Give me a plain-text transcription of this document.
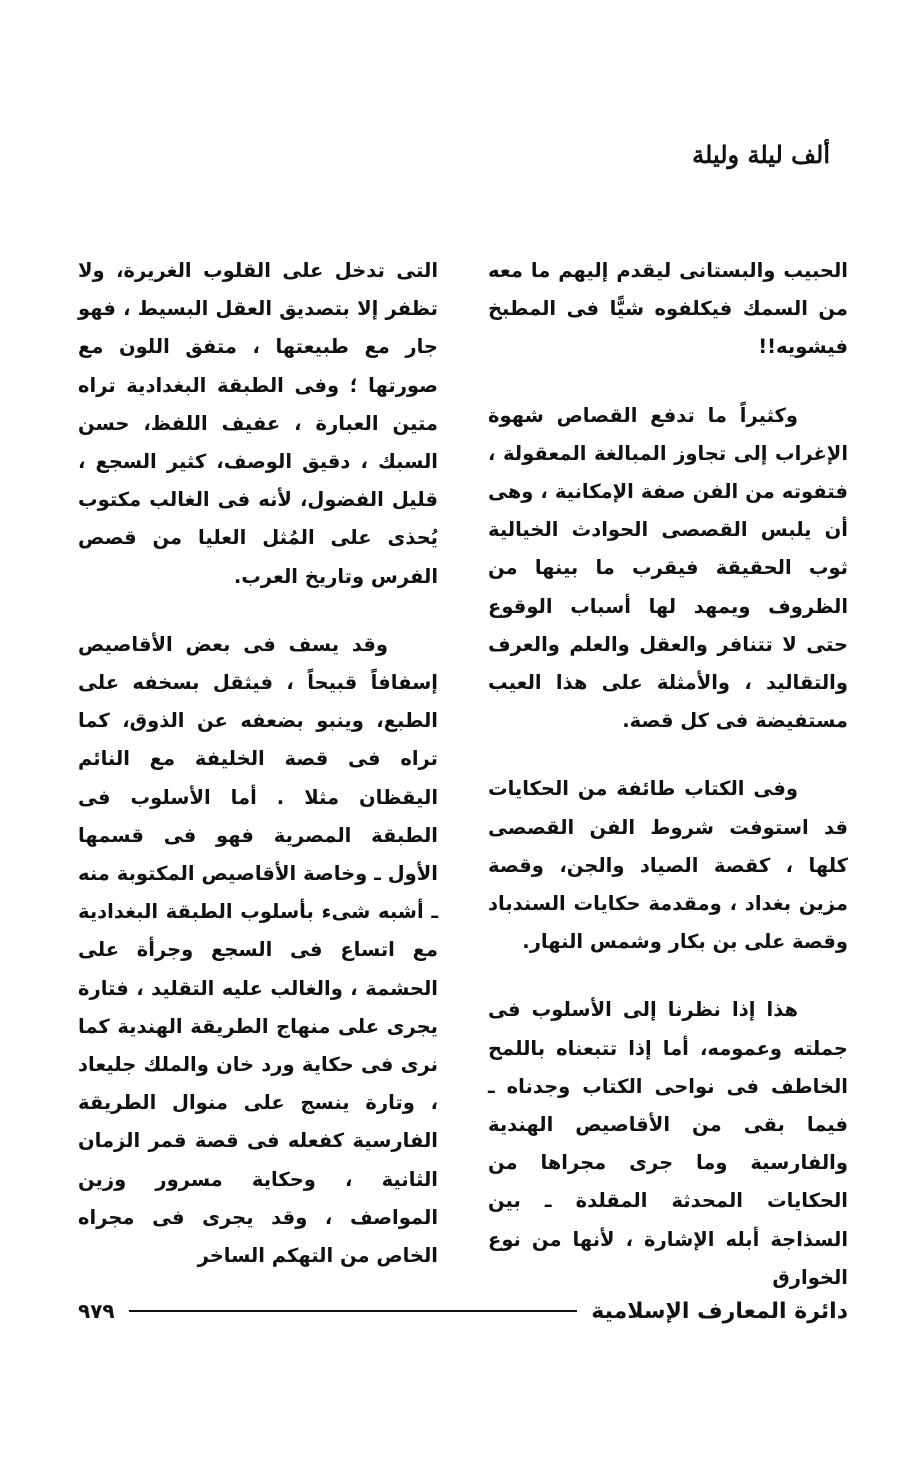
ألف ليلة وليلة

الحبيب والبستانى ليقدم إليهم ما معه من السمك فيكلفوه شيًّا فى المطبخ فيشويه!!

وكثيراً ما تدفع القصاص شهوة الإغراب إلى تجاوز المبالغة المعقولة ، فتفوته من الفن صفة الإمكانية ، وهى أن يلبس القصصى الحوادث الخيالية ثوب الحقيقة فيقرب ما بينها من الظروف ويمهد لها أسباب الوقوع حتى لا تتنافر والعقل والعلم والعرف والتقاليد ، والأمثلة على هذا العيب مستفيضة فى كل قصة.

وفى الكتاب طائفة من الحكايات قد استوفت شروط الفن القصصى كلها ، كقصة الصياد والجن، وقصة مزين بغداد ، ومقدمة حكايات السندباد وقصة على بن بكار وشمس النهار.

هذا إذا نظرنا إلى الأسلوب فى جملته وعمومه، أما إذا تتبعناه باللمح الخاطف فى نواحى الكتاب وجدناه ـ فيما بقى من الأقاصيص الهندية والفارسية وما جرى مجراها من الحكايات المحدثة المقلدة ـ بين السذاجة أبله الإشارة ، لأنها من نوع الخوارق

التى تدخل على القلوب الغريرة، ولا تظفر إلا بتصديق العقل البسيط ، فهو جار مع طبيعتها ، متفق اللون مع صورتها ؛ وفى الطبقة البغدادية تراه متين العبارة ، عفيف اللفظ، حسن السبك ، دقيق الوصف، كثير السجع ، قليل الفضول، لأنه فى الغالب مكتوب يُحذى على المُثل العليا من قصص الفرس وتاريخ العرب.

وقد يسف فى بعض الأقاصيص إسفافاً قبيحاً ، فيثقل بسخفه على الطبع، وينبو بضعفه عن الذوق، كما تراه فى قصة الخليفة مع النائم اليقظان مثلا . أما الأسلوب فى الطبقة المصرية فهو فى قسمها الأول ـ وخاصة الأقاصيص المكتوبة منه ـ أشبه شىء بأسلوب الطبقة البغدادية مع اتساع فى السجع وجرأة على الحشمة ، والغالب عليه التقليد ، فتارة يجرى على منهاج الطريقة الهندية كما نرى فى حكاية ورد خان والملك جليعاد ، وتارة ينسج على منوال الطريقة الفارسية كفعله فى قصة قمر الزمان الثانية ، وحكاية مسرور وزين المواصف ، وقد يجرى فى مجراه الخاص من التهكم الساخر

دائرة المعارف الإسلامية
٩٧٩
